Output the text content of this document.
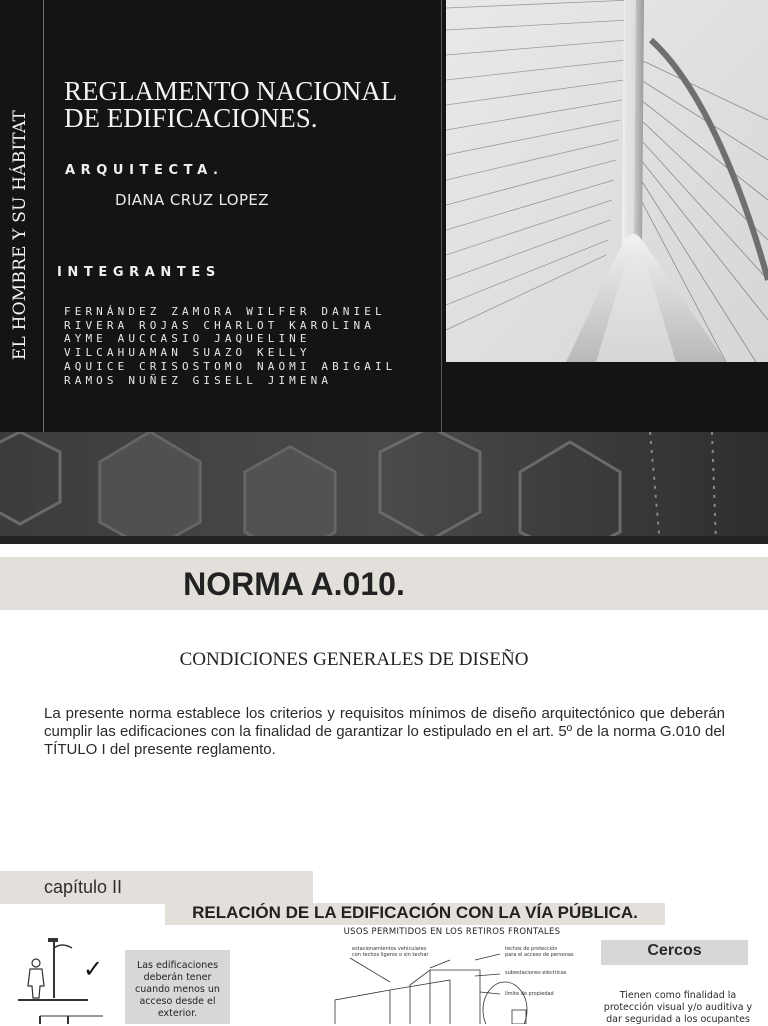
EL HOMBRE Y SU HÁBITAT
REGLAMENTO NACIONAL
DE EDIFICACIONES.
ARQUITECTA.
DIANA CRUZ LOPEZ
INTEGRANTES
FERNÁNDEZ ZAMORA WILFER DANIEL
RIVERA ROJAS CHARLOT KAROLINA
AYME AUCCASIO JAQUELINE
VILCAHUAMAN SUAZO KELLY
AQUICE CRISOSTOMO NAOMI ABIGAIL
RAMOS NUÑEZ GISELL JIMENA
NORMA A.010.
CONDICIONES GENERALES DE DISEÑO
La presente norma establece los criterios y requisitos mínimos de diseño arquitectónico que deberán cumplir las edificaciones con la finalidad de garantizar lo estipulado en el art. 5º de la norma G.010 del TÍTULO I del presente reglamento.
capítulo II
RELACIÓN DE LA EDIFICACIÓN CON LA VÍA PÚBLICA.
✓	Las edificaciones deberán tener cuando menos un acceso desde el exterior.
USOS PERMITIDOS EN LOS RETIROS FRONTALES
estacionamientos vehiculares
con techos ligeros o sin techar
techos de protección
para el acceso de personas
subestaciones eléctricas
límite de propiedad
Cercos
Tienen como finalidad la protección visual y/o auditiva y dar seguridad a los ocupantes
